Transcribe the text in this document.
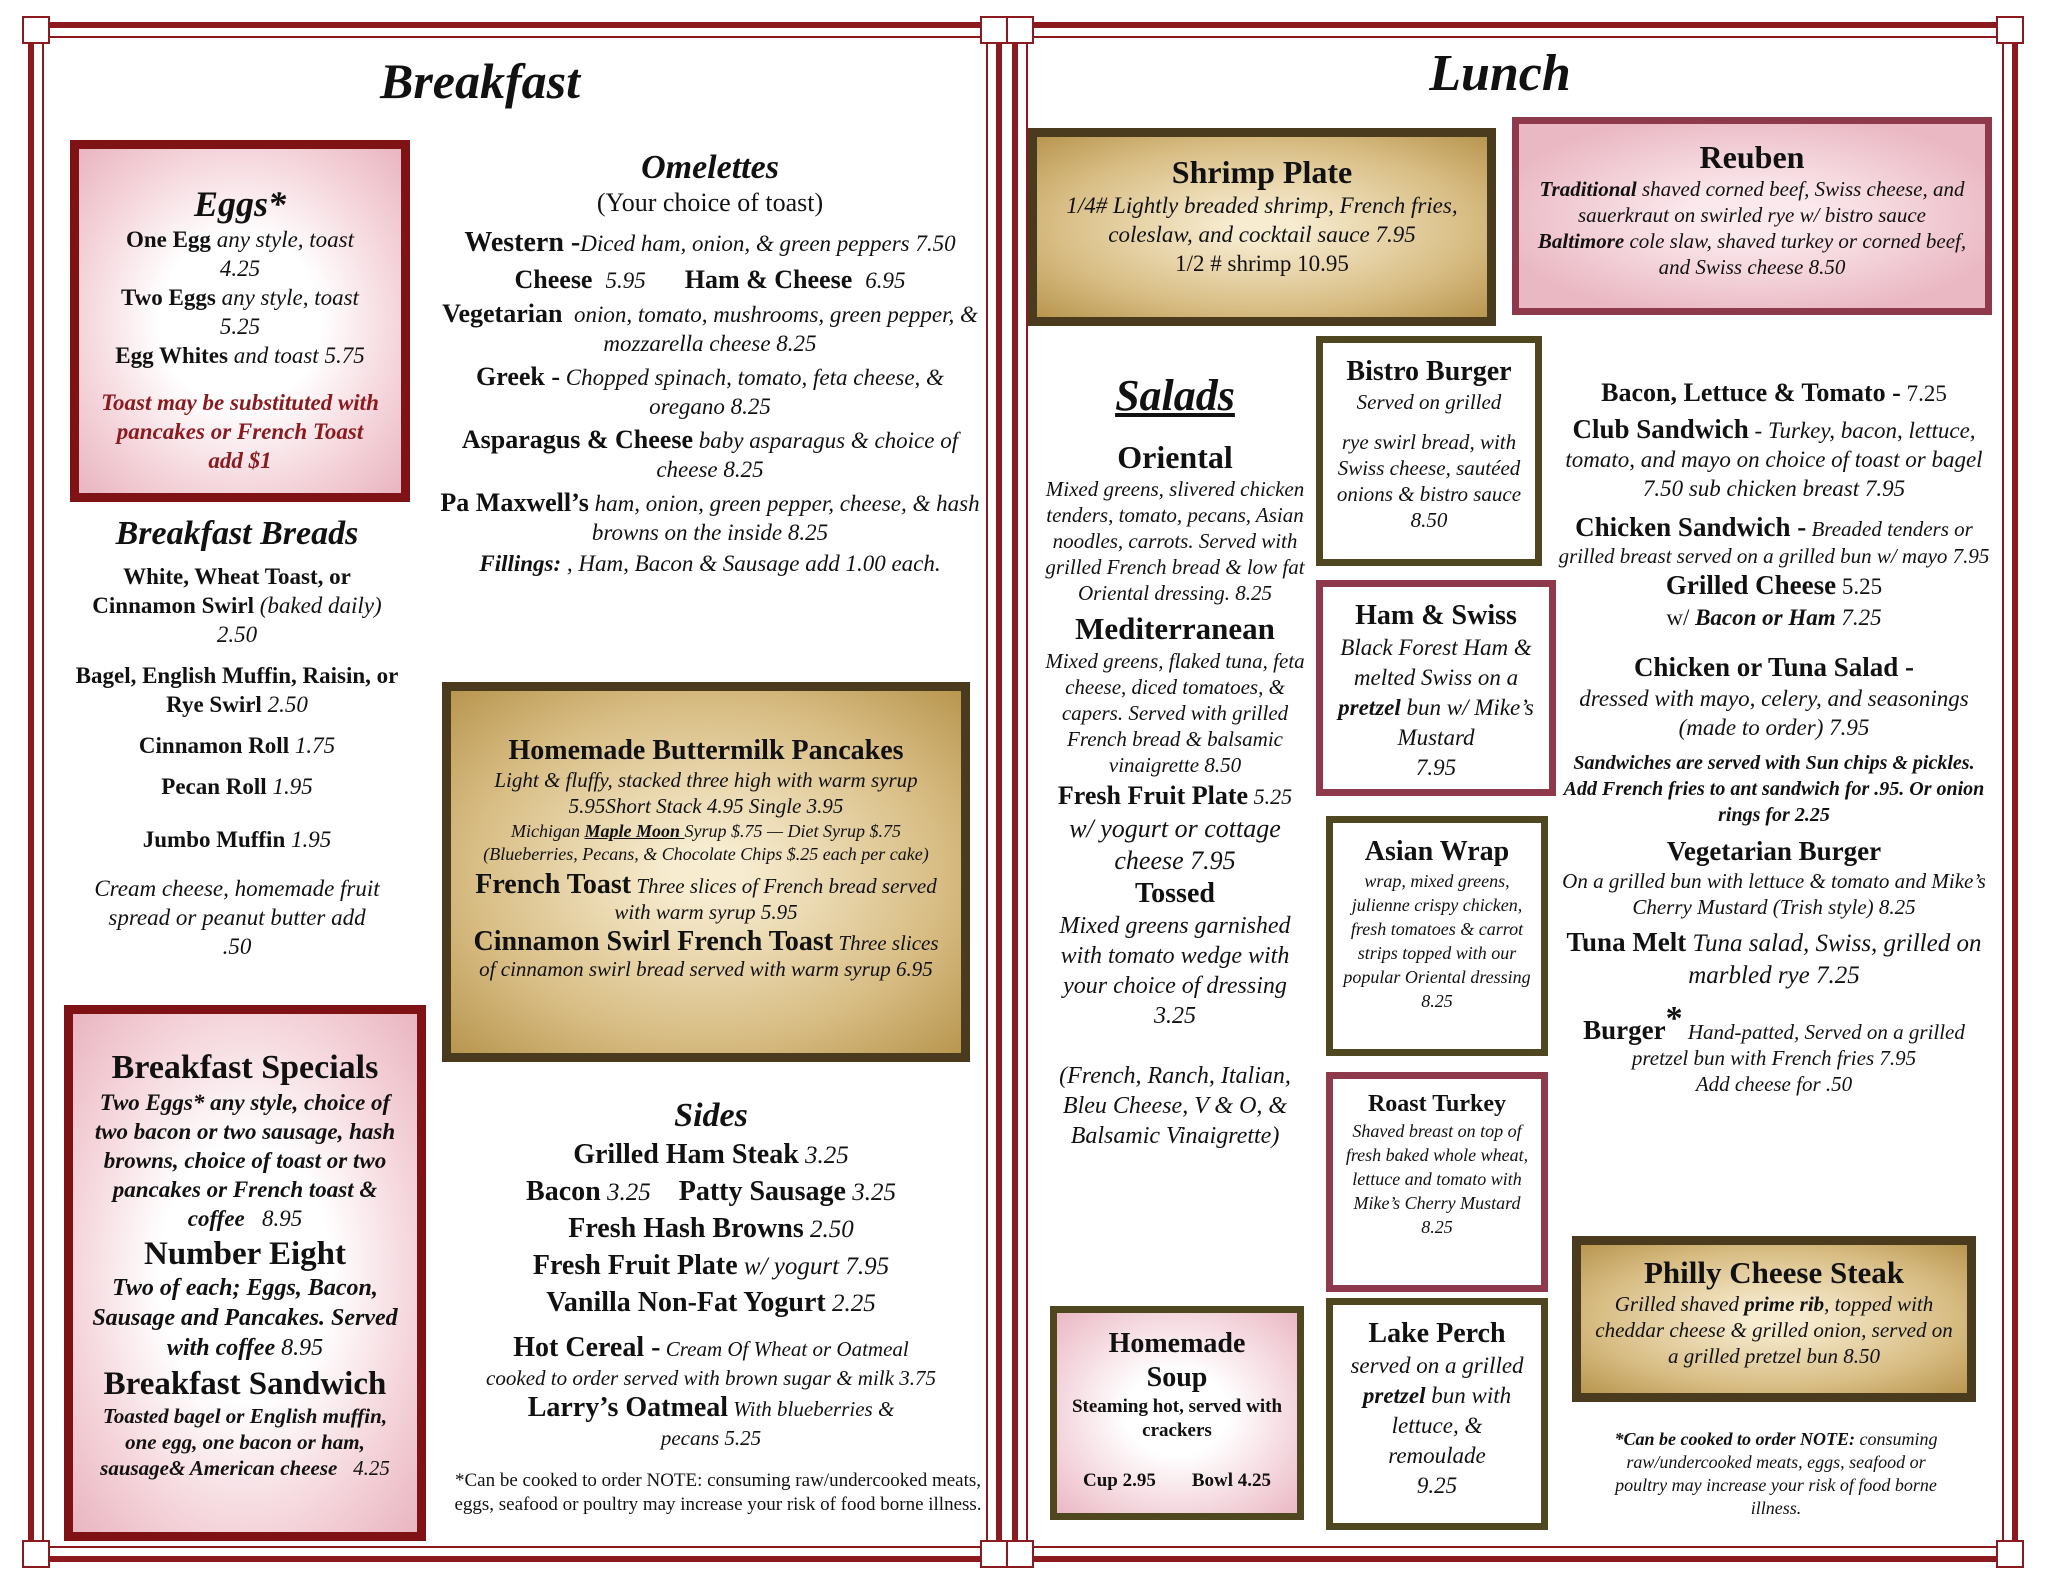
Breakfast

Eggs*

One Egg any style, toast

4.25

Two Eggs any style, toast

5.25

Egg Whites and toast 5.75

Toast may be substituted with pancakes or French Toast add $1

Breakfast Breads

White, Wheat Toast, or Cinnamon Swirl (baked daily) 2.50

Bagel, English Muffin, Raisin, or Rye Swirl 2.50

Cinnamon Roll 1.75

Pecan Roll 1.95

Jumbo Muffin 1.95

Cream cheese, homemade fruit spread or peanut butter add .50

Breakfast Specials

Two Eggs* any style, choice of two bacon or two sausage, hash browns, choice of toast or two pancakes or French toast & coffee 8.95

Number Eight

Two of each; Eggs, Bacon, Sausage and Pancakes. Served with coffee 8.95

Breakfast Sandwich

Toasted bagel or English muffin, one egg, one bacon or ham, sausage& American cheese 4.25

Omelettes

(Your choice of toast)

Western -Diced ham, onion, & green peppers 7.50

Cheese 5.95 Ham & Cheese 6.95

Vegetarian onion, tomato, mushrooms, green pepper, & mozzarella cheese 8.25

Greek - Chopped spinach, tomato, feta cheese, & oregano 8.25

Asparagus & Cheese baby asparagus & choice of cheese 8.25

Pa Maxwell’s ham, onion, green pepper, cheese, & hash browns on the inside 8.25

Fillings: , Ham, Bacon & Sausage add 1.00 each.

Homemade Buttermilk Pancakes

Light & fluffy, stacked three high with warm syrup 5.95Short Stack 4.95 Single 3.95

Michigan Maple Moon Syrup $.75 — Diet Syrup $.75

(Blueberries, Pecans, & Chocolate Chips $.25 each per cake)

French Toast Three slices of French bread served with warm syrup 5.95

Cinnamon Swirl French Toast Three slices of cinnamon swirl bread served with warm syrup 6.95

Sides

Grilled Ham Steak 3.25

Bacon 3.25 Patty Sausage 3.25

Fresh Hash Browns 2.50

Fresh Fruit Plate w/ yogurt 7.95

Vanilla Non-Fat Yogurt 2.25

Hot Cereal - Cream Of Wheat or Oatmeal

cooked to order served with brown sugar & milk 3.75

Larry’s Oatmeal With blueberries & pecans 5.25

*Can be cooked to order NOTE: consuming raw/undercooked meats, eggs, seafood or poultry may increase your risk of food borne illness.

Lunch

Shrimp Plate

1/4# Lightly breaded shrimp, French fries, coleslaw, and cocktail sauce 7.95

1/2 # shrimp 10.95

Reuben

Traditional shaved corned beef, Swiss cheese, and sauerkraut on swirled rye w/ bistro sauce

Baltimore cole slaw, shaved turkey or corned beef, and Swiss cheese 8.50

Salads

Oriental

Mixed greens, slivered chicken tenders, tomato, pecans, Asian noodles, carrots. Served with grilled French bread & low fat Oriental dressing. 8.25

Mediterranean

Mixed greens, flaked tuna, feta cheese, diced tomatoes, & capers. Served with grilled French bread & balsamic vinaigrette 8.50

Fresh Fruit Plate 5.25

w/ yogurt or cottage cheese 7.95

Tossed

Mixed greens garnished with tomato wedge with your choice of dressing 3.25

(French, Ranch, Italian, Bleu Cheese, V & O, & Balsamic Vinaigrette)

Bistro Burger

Served on grilled

rye swirl bread, with Swiss cheese, sautéed onions & bistro sauce 8.50

Ham & Swiss

Black Forest Ham & melted Swiss on a pretzel bun w/ Mike’s Mustard

7.95

Asian Wrap

wrap, mixed greens, julienne crispy chicken, fresh tomatoes & carrot strips topped with our popular Oriental dressing 8.25

Roast Turkey

Shaved breast on top of fresh baked whole wheat, lettuce and tomato with Mike’s Cherry Mustard 8.25

Homemade

Soup

Steaming hot, served with crackers

Cup 2.95 Bowl 4.25

Lake Perch

served on a grilled pretzel bun with lettuce, & remoulade

9.25

Bacon, Lettuce & Tomato - 7.25

Club Sandwich - Turkey, bacon, lettuce, tomato, and mayo on choice of toast or bagel 7.50 sub chicken breast 7.95

Chicken Sandwich - Breaded tenders or grilled breast served on a grilled bun w/ mayo 7.95

Grilled Cheese 5.25

w/ Bacon or Ham 7.25

Chicken or Tuna Salad -

dressed with mayo, celery, and seasonings (made to order) 7.95

Sandwiches are served with Sun chips & pickles. Add French fries to ant sandwich for .95. Or onion rings for 2.25

Vegetarian Burger

On a grilled bun with lettuce & tomato and Mike’s Cherry Mustard (Trish style) 8.25

Tuna Melt Tuna salad, Swiss, grilled on marbled rye 7.25

Burger* Hand-patted, Served on a grilled pretzel bun with French fries 7.95

Add cheese for .50

Philly Cheese Steak

Grilled shaved prime rib, topped with cheddar cheese & grilled onion, served on a grilled pretzel bun 8.50

*Can be cooked to order NOTE: consuming raw/undercooked meats, eggs, seafood or poultry may increase your risk of food borne illness.
